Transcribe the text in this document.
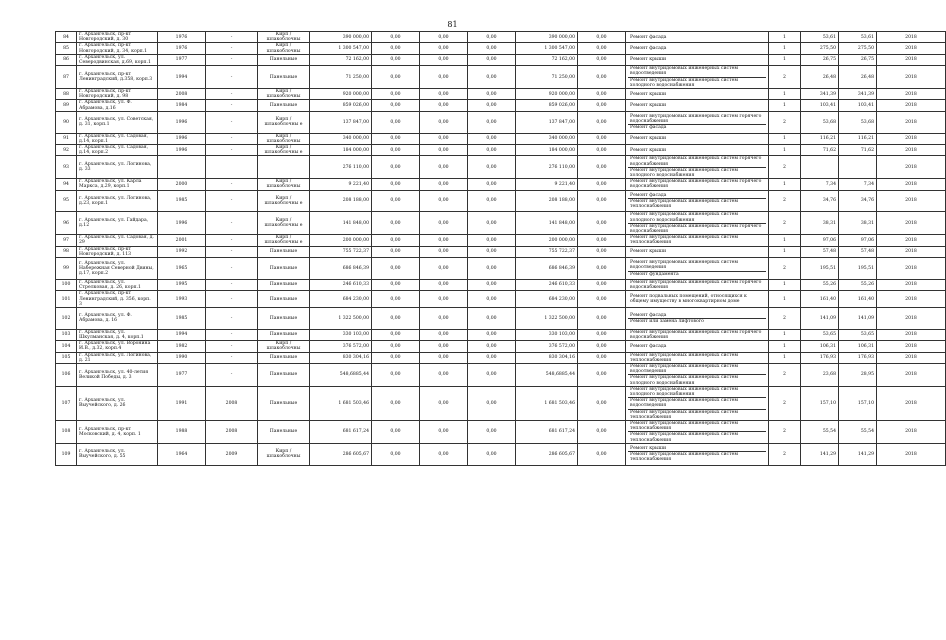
81
84	г. Архангельск, пр-кт Новгородский, д. 30	1976	-	Кирп / шлакоблочны	390 000,00	0,00	0,00	0,00	390 000,00	0,00	Ремонт фасада	1	53,61	53,61	2018
85	г. Архангельск, пр-кт Новгородский, д. 34, корп.1	1976	-	Кирп / шлакоблочны	1 300 547,00	0,00	0,00	0,00	1 300 547,00	0,00	Ремонт фасада	1	275,50	275,50	2018
86	г. Архангельск, ул. Северодвинская, д.69, корп.1	1977	-	Панельные	72 162,00	0,00	0,00	0,00	72 162,00	0,00	Ремонт крыши	1	26,75	26,75	2018
87	г. Архангельск, пр-кт Ленинградский, д.358, корп.3	1994	-	Панельные	71 250,00	0,00	0,00	0,00	71 250,00	0,00	Ремонт внутридомовых инженерных систем водоотведения
Ремонт внутридомовых инженерных систем холодного водоснабжения	2	26,48	26,48	2018
88	г. Архангельск, пр-кт Новгородский, д. 98	2008	-	Кирп / шлакоблочны	920 000,00	0,00	0,00	0,00	920 000,00	0,00	Ремонт крыши	1	341,39	341,39	2018
89	г. Архангельск, ул. Ф. Абрамова, д.16	1984	-	Панельные	859 026,00	0,00	0,00	0,00	859 026,00	0,00	Ремонт крыши	1	103,41	103,41	2018
90	г. Архангельск, ул. Советская, д. 31, корп.1	1996	-	Кирп / шлакоблочны е	137 847,00	0,00	0,00	0,00	137 847,00	0,00	Ремонт внутридомовых инженерных систем горячего водоснабжения
Ремонт фасада	2	53,68	53,68	2018
91	г. Архангельск, ул. Садовая, д.14, корп.1	1996	-	Кирп / шлакоблочны	340 000,00	0,00	0,00	0,00	340 000,00	0,00	Ремонт крыши	1	116,21	116,21	2018
92	г. Архангельск, ул. Садовая, д.14, корп.2	1996	-	Кирп / шлакоблочны е	184 000,00	0,00	0,00	0,00	184 000,00	0,00	Ремонт крыши	1	71,62	71,62	2018
93	г. Архангельск, ул. Логинова, д. 33				276 110,00	0,00	0,00	0,00	276 110,00	0,00	Ремонт внутридомовых инженерных систем горячего водоснабжения
Ремонт внутридомовых инженерных систем холодного водоснабжения	2			2018
94	г. Архангельск, ул. Карла Маркса, д.29, корп.1	2000	-	Кирп / шлакоблочны	9 221,40	0,00	0,00	0,00	9 221,40	0,00	Ремонт внутридомовых инженерных систем горячего водоснабжения	1	7,34	7,34	2018
95	г. Архангельск, ул. Логинова, д.23, корп.1	1985	-	Кирп / шлакоблочны е	208 188,00	0,00	0,00	0,00	208 188,00	0,00	Ремонт фасада
Ремонт внутридомовых инженерных систем теплоснабжения	2	34,76	34,76	2018
96	г. Архангельск, ул. Гайдара, д.12	1996	-	Кирп / шлакоблочны е	141 848,00	0,00	0,00	0,00	141 848,00	0,00	Ремонт внутридомовых инженерных систем холодного водоснабжения
Ремонт внутридомовых инженерных систем горячего водоснабжения	2	38,31	38,31	2018
97	г. Архангельск, ул. Садовая, д. 29	2001	-	Кирп / шлакоблочны е	200 000,00	0,00	0,00	0,00	200 000,00	0,00	Ремонт внутридомовых инженерных систем теплоснабжения	1	97,06	97,06	2018
98	г. Архангельск, пр-кт Новгородский, д. 113	1992	-	Панельные	755 722,37	0,00	0,00	0,00	755 722,37	0,00	Ремонт крыши	1	57,48	57,48	2018
99	г. Архангельск, ул. Набережная Северной Двины, д.17, корп.2	1965	-	Панельные	686 846,39	0,00	0,00	0,00	686 846,39	0,00	Ремонт внутридомовых инженерных систем водоотведения
Ремонт фундамента	2	195,51	195,51	2018
100	г. Архангельск, ул. Стрелковая, д. 26, корп.1	1995	-	Панельные	246 610,33	0,00	0,00	0,00	246 610,33	0,00	Ремонт внутридомовых инженерных систем горячего водоснабжения	1	55,26	55,26	2018
101	г. Архангельск, пр-кт Ленинградский, д. 356, корп. 3	1993	-	Панельные	684 230,00	0,00	0,00	0,00	684 230,00	0,00	Ремонт подвальных помещений, относящихся к общему имуществу в многоквартирном доме	1	161,40	161,40	2018
102	г. Архангельск, ул. Ф. Абрамова, д. 16	1985	-	Панельные	1 322 500,00	0,00	0,00	0,00	1 322 500,00	0,00	Ремонт фасада
Ремонт или замена лифтового	2	141,09	141,09	2018
103	г. Архангельск, ул. Шкулманская, д. 4, корп.1	1994	-	Панельные	330 103,00	0,00	0,00	0,00	330 103,00	0,00	Ремонт внутридомовых инженерных систем горячего водоснабжения	1	53,65	53,65	2018
104	г. Архангельск, ул. Воронина И.В., д.32, корп.4	1982	-	Кирп / шлакоблочны	376 572,00	0,00	0,00	0,00	376 572,00	0,00	Ремонт фасада	1	106,31	106,31	2018
105	г. Архангельск, ул. Логинова, д. 21	1990	-	Панельные	830 304,16	0,00	0,00	0,00	830 304,16	0,00	Ремонт внутридомовых инженерных систем теплоснабжения	1	176,93	176,93	2018
106	г. Архангельск, ул. 40-летия Великой Победы, д. 3	1977	-	Панельные	548,6885,44	0,00	0,00	0,00	548,6885,44	0,00	Ремонт внутридомовых инженерных систем водоотведения
Ремонт внутридомовых инженерных систем холодного водоснабжения	2	23,68	28,95	2018
107	г. Архангельск, ул. Выучейского, д. 26	1991	2008	Панельные	1 681 503,46	0,00	0,00	0,00	1 681 503,46	0,00	Ремонт внутридомовых инженерных систем холодного водоснабжения
Ремонт внутридомовых инженерных систем водоотведения
Ремонт внутридомовых инженерных систем теплоснабжения	2	157,10	157,10	2018
108	г. Архангельск, пр-кт Московский, д. 4, корп. 1	1988	2008	Панельные	681 617,24	0,00	0,00	0,00	681 617,24	0,00	Ремонт внутридомовых инженерных систем теплоснабжения
Ремонт внутридомовых инженерных систем теплоснабжения	2	55,54	55,54	2018
109	г. Архангельск, ул. Выучейского, д. 55	1964	2009	Кирп / шлакоблочны	286 605,67	0,00	0,00	0,00	286 605,67	0,00	Ремонт крыши
Ремонт внутридомовых инженерных систем теплоснабжения	2	141,29	141,29	2018
